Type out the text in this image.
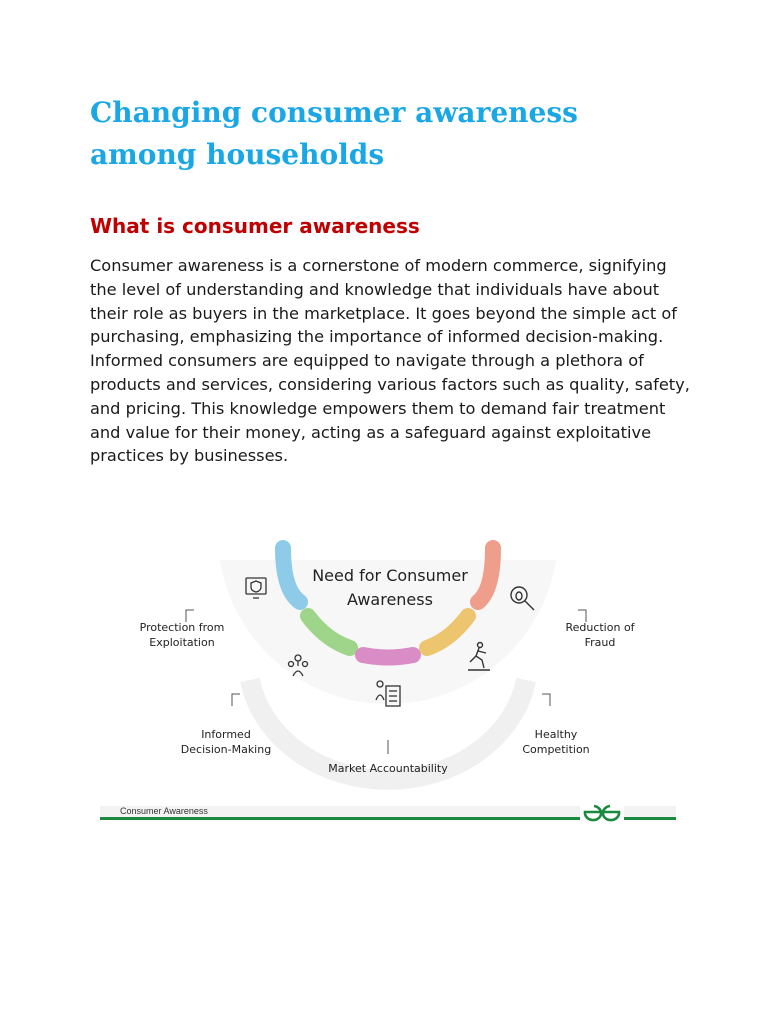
Changing consumer awareness among households
What is consumer awareness

Consumer awareness is a cornerstone of modern commerce, signifying the level of understanding and knowledge that individuals have about their role as buyers in the marketplace. It goes beyond the simple act of purchasing, emphasizing the importance of informed decision-making. Informed consumers are equipped to navigate through a plethora of products and services, considering various factors such as quality, safety, and pricing. This knowledge empowers them to demand fair treatment and value for their money, acting as a safeguard against exploitative practices by businesses.

Need for Consumer Awareness
Protection from Exploitation
Reduction of Fraud
Informed Decision-Making
Healthy Competition
Market Accountability
Consumer Awareness
